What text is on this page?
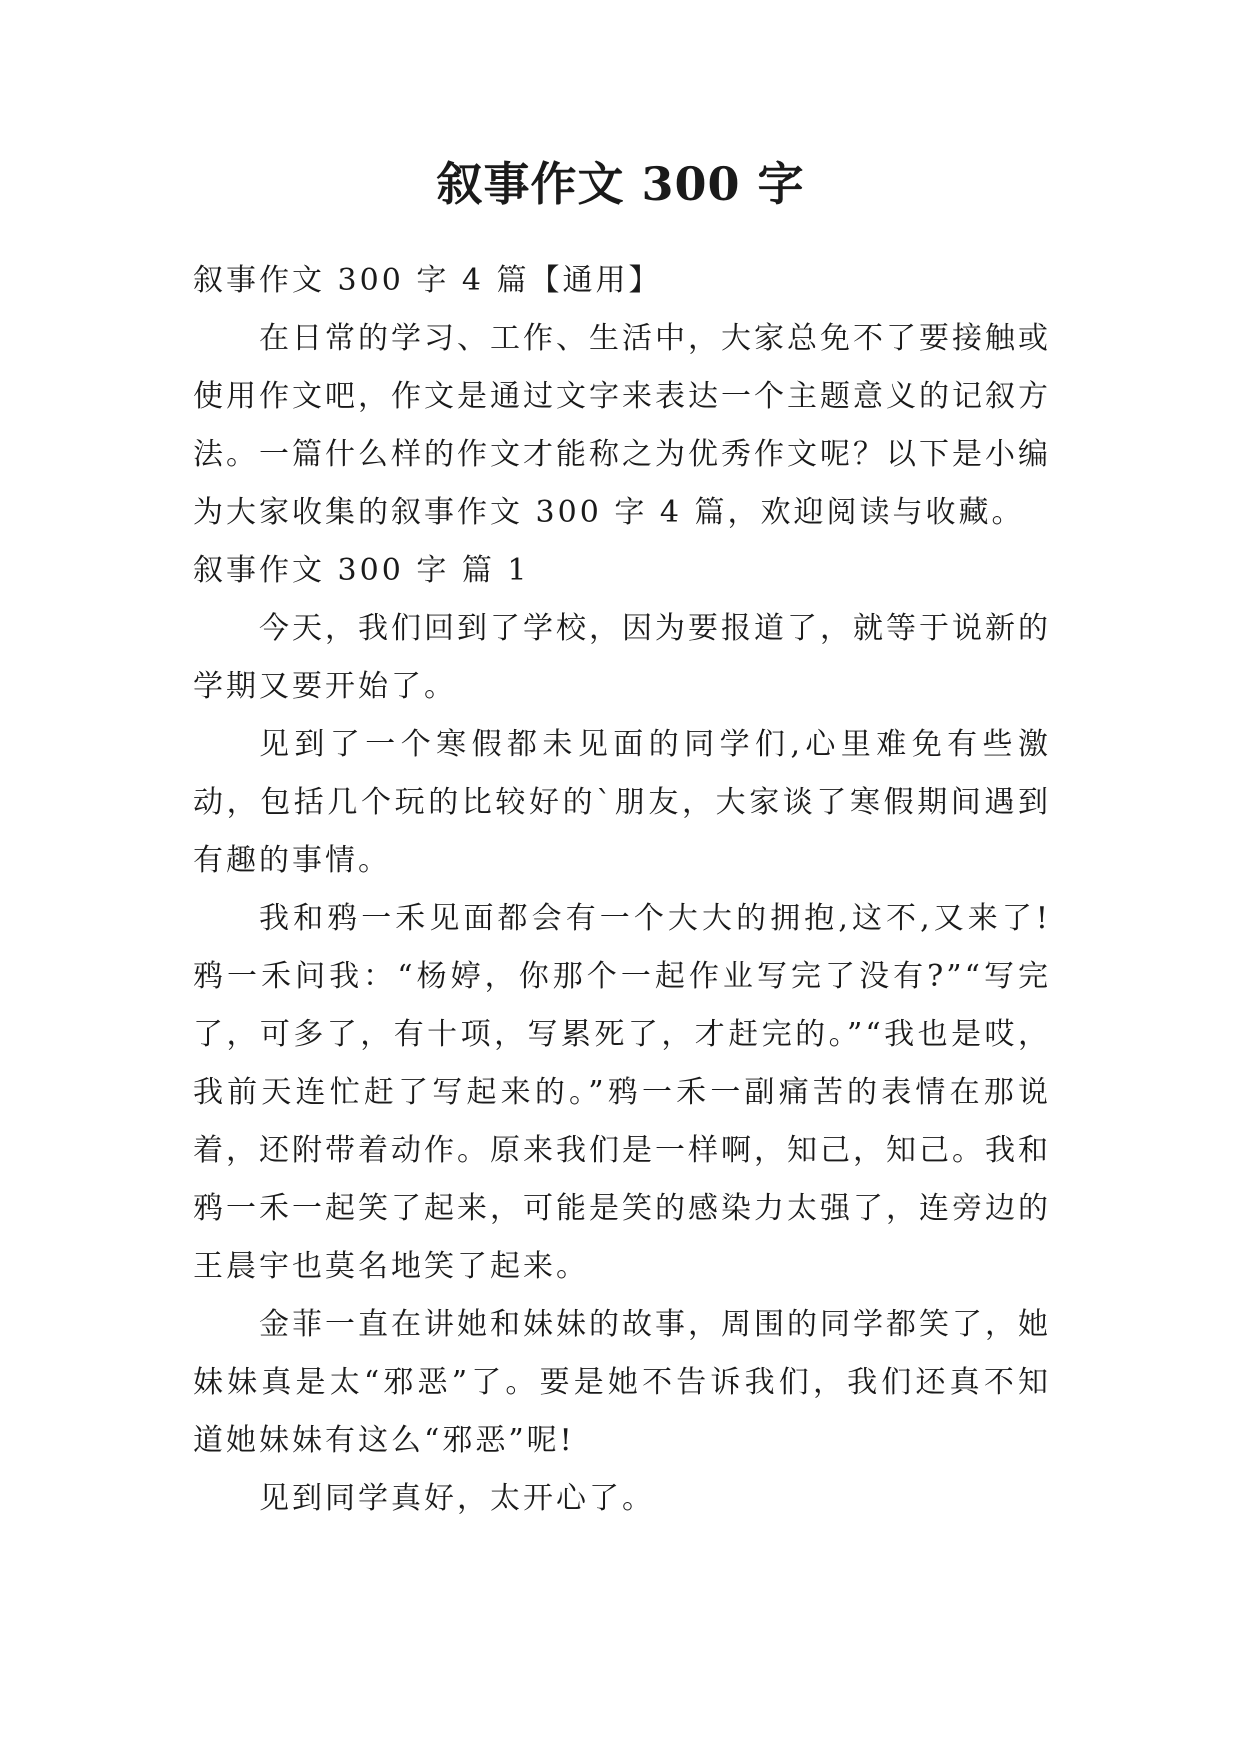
叙事作文 300 字

叙事作文 300 字 4 篇【通用】

在日常的学习、工作、生活中，大家总免不了要接触或使用作文吧，作文是通过文字来表达一个主题意义的记叙方法。一篇什么样的作文才能称之为优秀作文呢？以下是小编为大家收集的叙事作文 300 字 4 篇，欢迎阅读与收藏。

叙事作文 300 字 篇 1

今天，我们回到了学校，因为要报道了，就等于说新的学期又要开始了。

见到了一个寒假都未见面的同学们,心里难免有些激动，包括几个玩的比较好的`朋友，大家谈了寒假期间遇到有趣的事情。

我和鸦一禾见面都会有一个大大的拥抱,这不,又来了!鸦一禾问我：“杨婷，你那个一起作业写完了没有?”“写完了，可多了，有十项，写累死了，才赶完的。”“我也是哎，我前天连忙赶了写起来的。”鸦一禾一副痛苦的表情在那说着，还附带着动作。原来我们是一样啊，知己，知己。我和鸦一禾一起笑了起来，可能是笑的感染力太强了，连旁边的王晨宇也莫名地笑了起来。

金菲一直在讲她和妹妹的故事，周围的同学都笑了，她妹妹真是太“邪恶”了。要是她不告诉我们，我们还真不知道她妹妹有这么“邪恶”呢!

见到同学真好，太开心了。
